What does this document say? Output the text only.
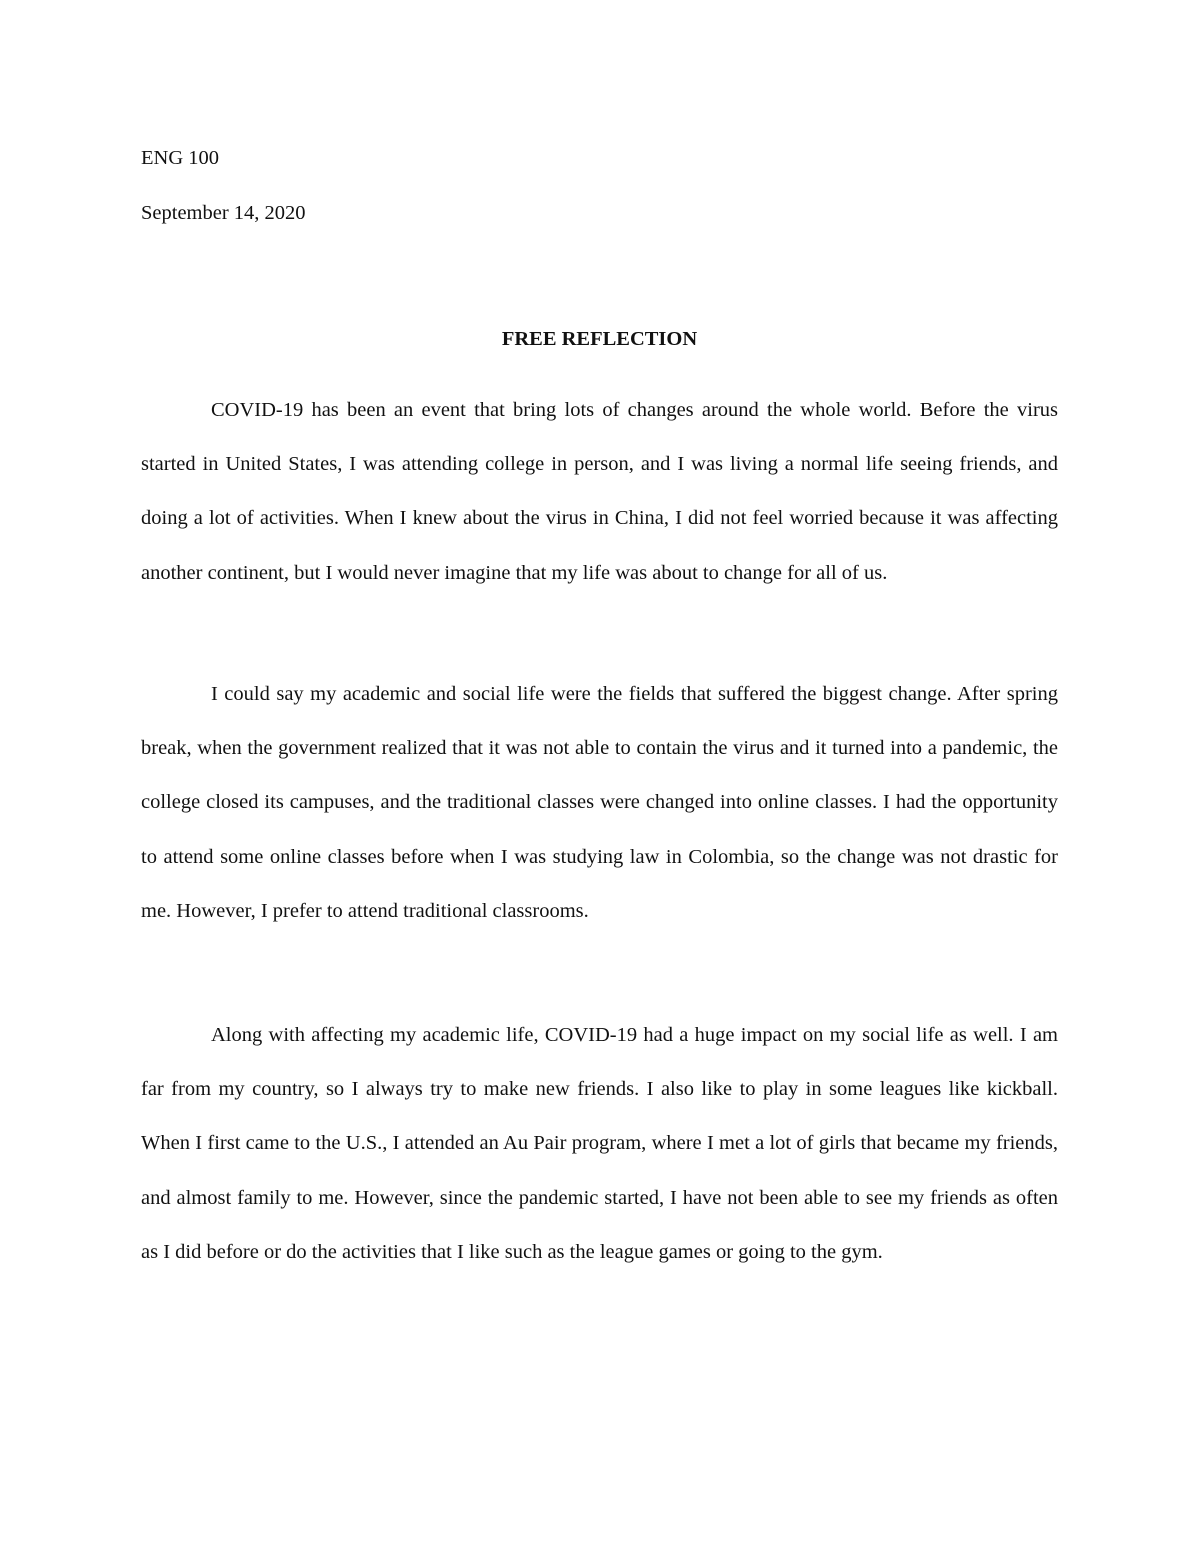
ENG 100

September 14, 2020

FREE REFLECTION

COVID-19 has been an event that bring lots of changes around the whole world. Before the virus started in United States, I was attending college in person, and I was living a normal life seeing friends, and doing a lot of activities. When I knew about the virus in China, I did not feel worried because it was affecting another continent, but I would never imagine that my life was about to change for all of us.

I could say my academic and social life were the fields that suffered the biggest change. After spring break, when the government realized that it was not able to contain the virus and it turned into a pandemic, the college closed its campuses, and the traditional classes were changed into online classes. I had the opportunity to attend some online classes before when I was studying law in Colombia, so the change was not drastic for me. However, I prefer to attend traditional classrooms.

Along with affecting my academic life, COVID-19 had a huge impact on my social life as well. I am far from my country, so I always try to make new friends. I also like to play in some leagues like kickball. When I first came to the U.S., I attended an Au Pair program, where I met a lot of girls that became my friends, and almost family to me. However, since the pandemic started, I have not been able to see my friends as often as I did before or do the activities that I like such as the league games or going to the gym.
